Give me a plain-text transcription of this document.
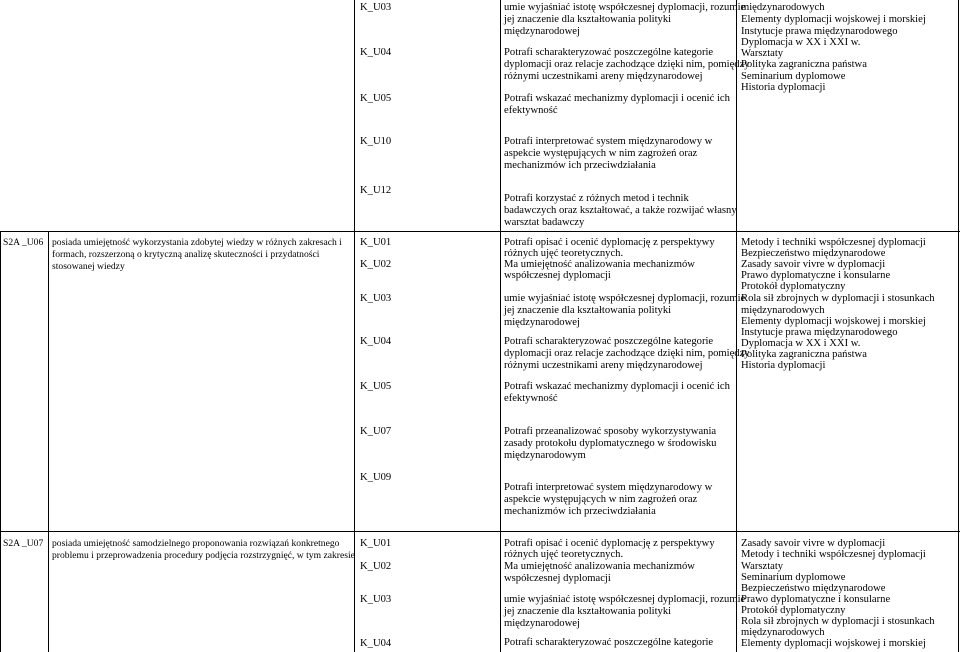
K_U03
K_U04
K_U05
umie wyjaśniać istotę współczesnej dyplomacji, rozumie
jej znaczenie dla kształtowania polityki
międzynarodowej
Potrafi scharakteryzować poszczególne kategorie
dyplomacji oraz relacje zachodzące dzięki nim, pomiędzy
różnymi uczestnikami areny międzynarodowej
Potrafi wskazać mechanizmy dyplomacji i ocenić ich
efektywność
międzynarodowych
Elementy dyplomacji wojskowej i morskiej
Instytucje prawa międzynarodowego
Dyplomacja w XX i XXI w.
Warsztaty
Polityka zagraniczna państwa
Seminarium dyplomowe
Historia dyplomacji
K_U10
K_U12
Potrafi interpretować system międzynarodowy w
aspekcie występujących w nim zagrożeń oraz
mechanizmów ich przeciwdziałania
Potrafi korzystać z różnych metod i technik
badawczych oraz kształtować, a także rozwijać własny
warsztat badawczy
S2A _U06 posiada umiejętność wykorzystania zdobytej wiedzy w różnych zakresach i
formach, rozszerzoną o krytyczną analizę skuteczności i przydatności
stosowanej wiedzy
K_U01
K_U02
K_U03
K_U04
K_U05
K_U07
K_U09
Potrafi opisać i ocenić dyplomację z perspektywy
różnych ujęć teoretycznych.
Ma umiejętność analizowania mechanizmów
współczesnej dyplomacji
umie wyjaśniać istotę współczesnej dyplomacji, rozumie
jej znaczenie dla kształtowania polityki
międzynarodowej
Potrafi scharakteryzować poszczególne kategorie
dyplomacji oraz relacje zachodzące dzięki nim, pomiędzy
różnymi uczestnikami areny międzynarodowej
Potrafi wskazać mechanizmy dyplomacji i ocenić ich
efektywność
Potrafi przeanalizować sposoby wykorzystywania
zasady protokołu dyplomatycznego w środowisku
międzynarodowym
Potrafi interpretować system międzynarodowy w
aspekcie występujących w nim zagrożeń oraz
mechanizmów ich przeciwdziałania
Metody i techniki współczesnej dyplomacji
Bezpieczeństwo międzynarodowe
Zasady savoir vivre w dyplomacji
Prawo dyplomatyczne i konsularne
Protokół dyplomatyczny
Rola sił zbrojnych w dyplomacji i stosunkach
międzynarodowych
Elementy dyplomacji wojskowej i morskiej
Instytucje prawa międzynarodowego
Dyplomacja w XX i XXI w.
Polityka zagraniczna państwa
Historia dyplomacji
S2A _U07 posiada umiejętność samodzielnego proponowania rozwiązań konkretnego
problemu i przeprowadzenia procedury podjęcia rozstrzygnięć, w tym zakresie
K_U01
K_U02
K_U03
K_U04
Potrafi opisać i ocenić dyplomację z perspektywy
różnych ujęć teoretycznych.
Ma umiejętność analizowania mechanizmów
współczesnej dyplomacji
umie wyjaśniać istotę współczesnej dyplomacji, rozumie
jej znaczenie dla kształtowania polityki
międzynarodowej
Potrafi scharakteryzować poszczególne kategorie
Zasady savoir vivre w dyplomacji
Metody i techniki współczesnej dyplomacji
Warsztaty
Seminarium dyplomowe
Bezpieczeństwo międzynarodowe
Prawo dyplomatyczne i konsularne
Protokół dyplomatyczny
Rola sił zbrojnych w dyplomacji i stosunkach
międzynarodowych
Elementy dyplomacji wojskowej i morskiej
